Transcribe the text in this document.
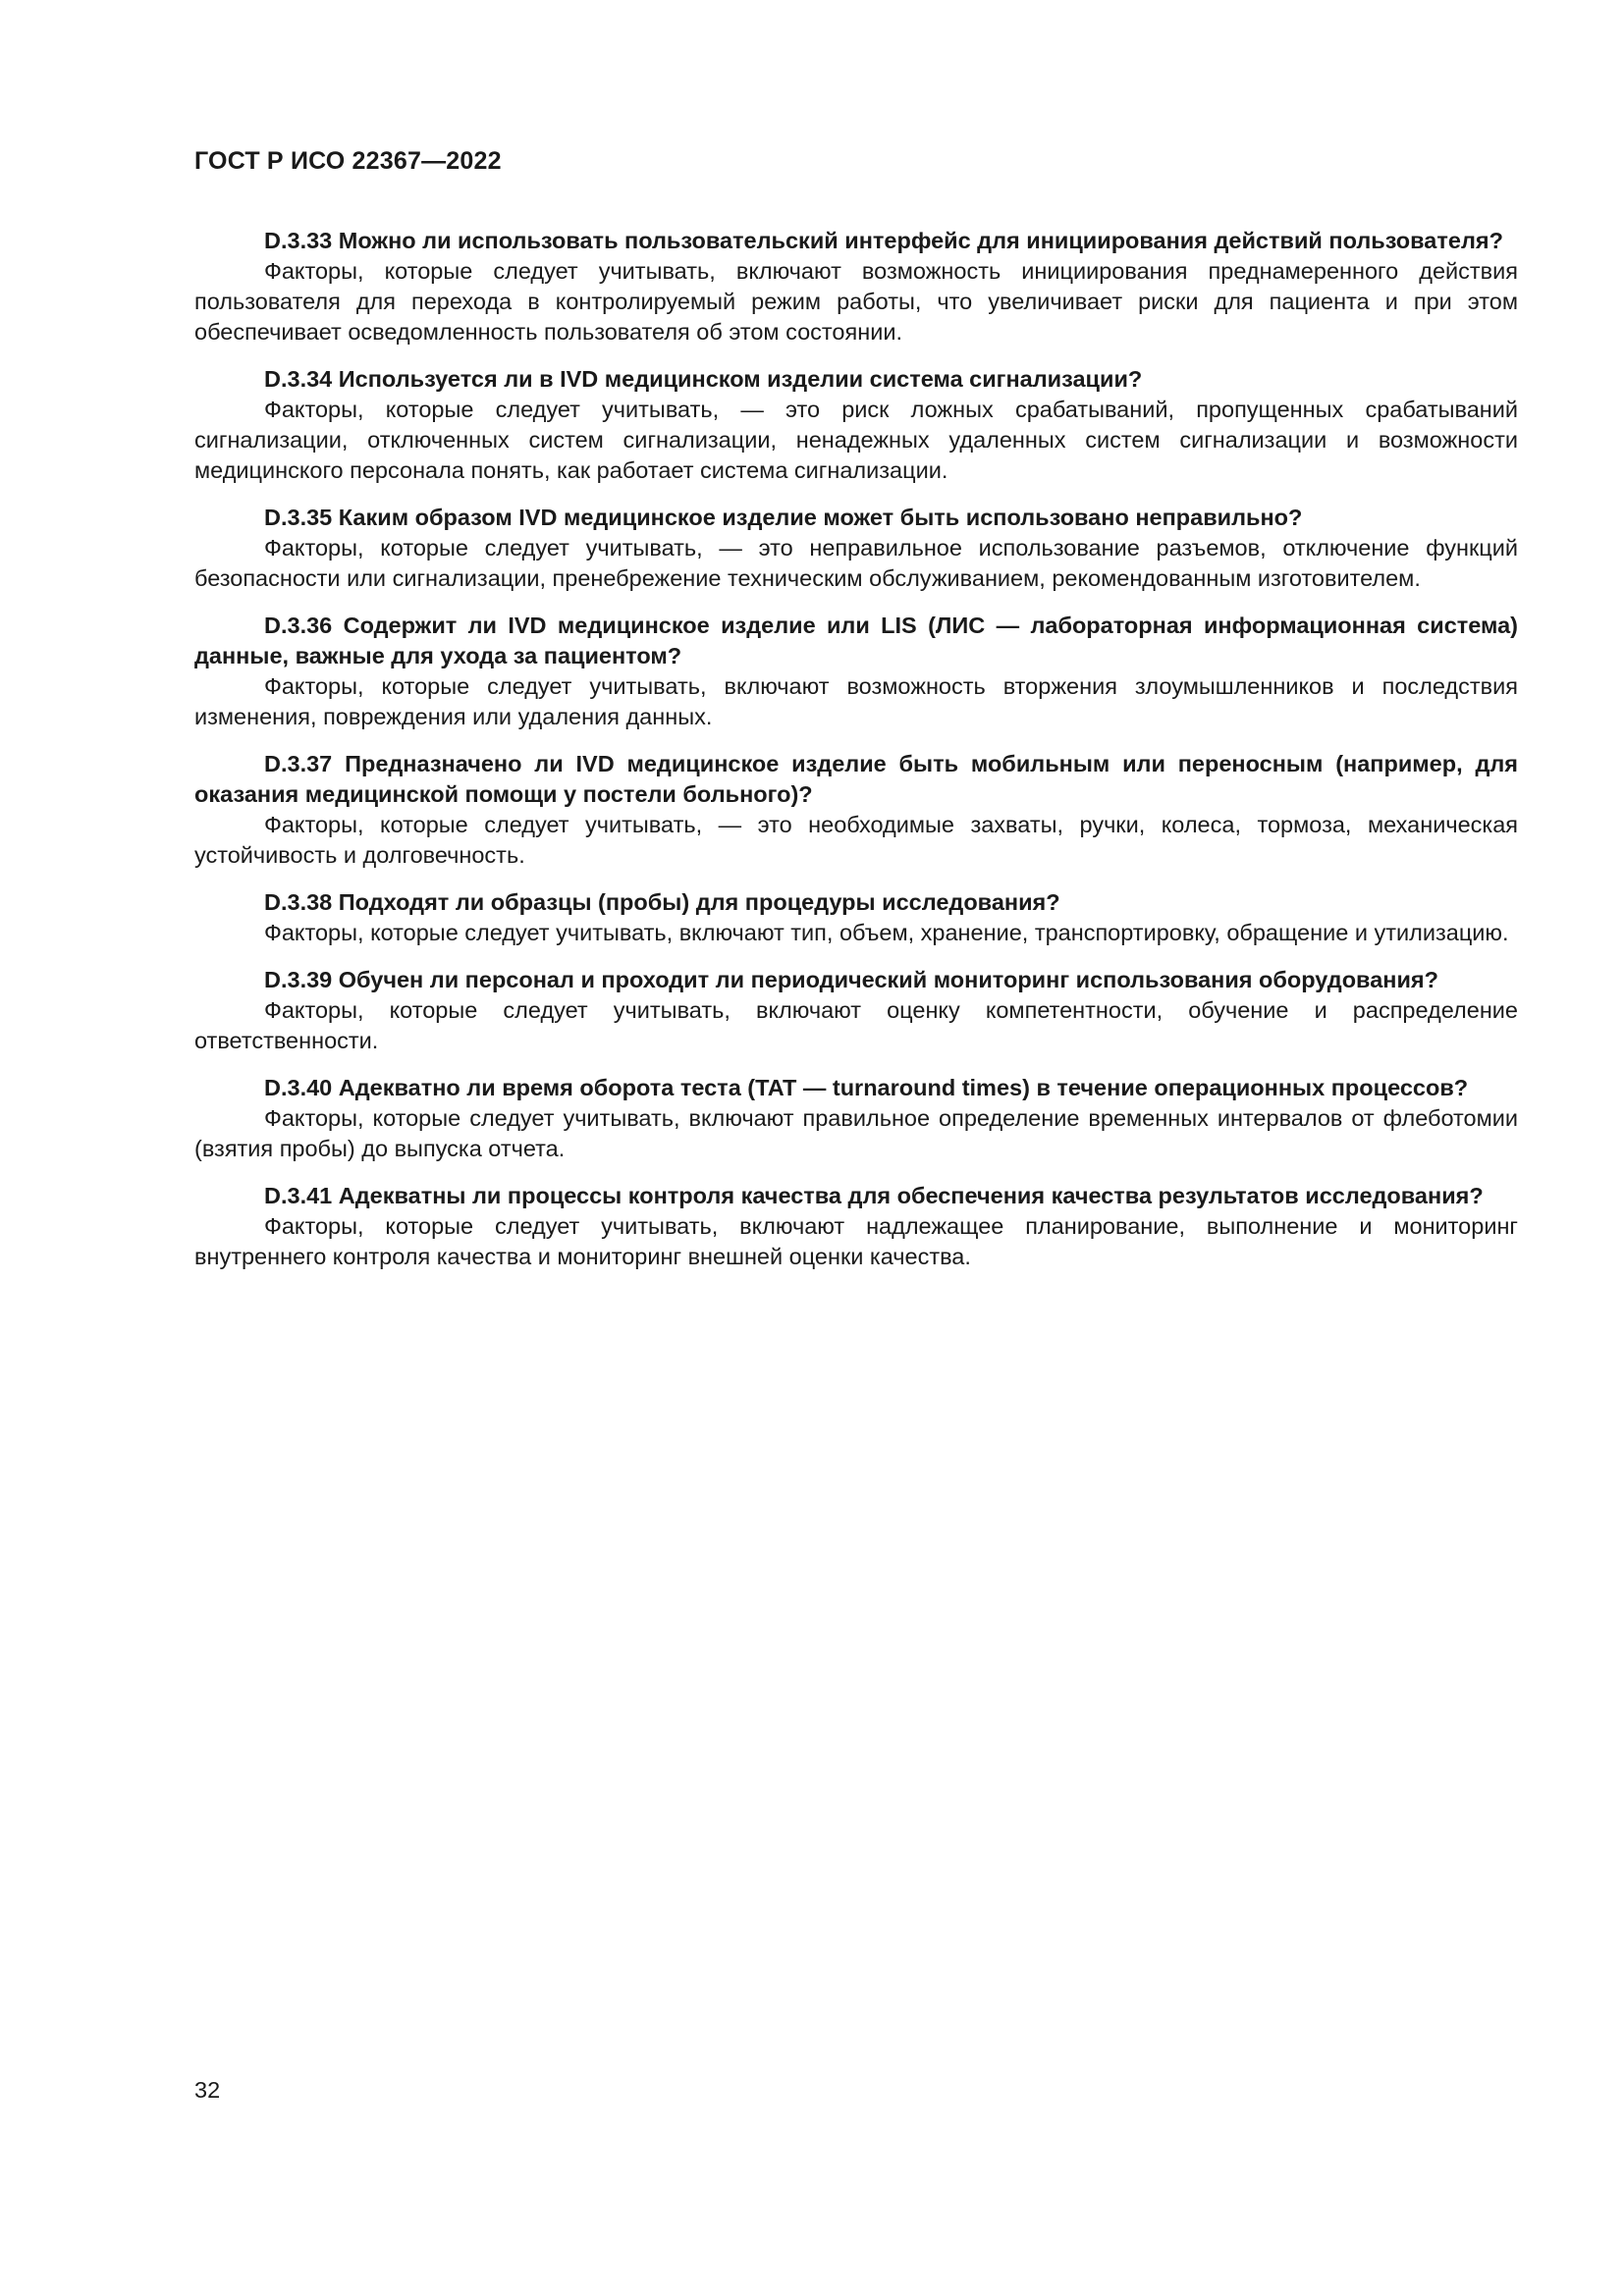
ГОСТ Р ИСО 22367—2022

D.3.33 Можно ли использовать пользовательский интерфейс для инициирования действий пользователя?

Факторы, которые следует учитывать, включают возможность инициирования преднамеренного действия пользователя для перехода в контролируемый режим работы, что увеличивает риски для пациента и при этом обеспечивает осведомленность пользователя об этом состоянии.

D.3.34 Используется ли в IVD медицинском изделии система сигнализации?

Факторы, которые следует учитывать, — это риск ложных срабатываний, пропущенных срабатываний сигнализации, отключенных систем сигнализации, ненадежных удаленных систем сигнализации и возможности медицинского персонала понять, как работает система сигнализации.

D.3.35 Каким образом IVD медицинское изделие может быть использовано неправильно?

Факторы, которые следует учитывать, — это неправильное использование разъемов, отключение функций безопасности или сигнализации, пренебрежение техническим обслуживанием, рекомендованным изготовителем.

D.3.36 Содержит ли IVD медицинское изделие или LIS (ЛИС — лабораторная информационная система) данные, важные для ухода за пациентом?

Факторы, которые следует учитывать, включают возможность вторжения злоумышленников и последствия изменения, повреждения или удаления данных.

D.3.37 Предназначено ли IVD медицинское изделие быть мобильным или переносным (например, для оказания медицинской помощи у постели больного)?

Факторы, которые следует учитывать, — это необходимые захваты, ручки, колеса, тормоза, механическая устойчивость и долговечность.

D.3.38 Подходят ли образцы (пробы) для процедуры исследования?

Факторы, которые следует учитывать, включают тип, объем, хранение, транспортировку, обращение и утилизацию.

D.3.39 Обучен ли персонал и проходит ли периодический мониторинг использования оборудования?

Факторы, которые следует учитывать, включают оценку компетентности, обучение и распределение ответственности.

D.3.40 Адекватно ли время оборота теста (TAT — turnaround times) в течение операционных процессов?

Факторы, которые следует учитывать, включают правильное определение временных интервалов от флеботомии (взятия пробы) до выпуска отчета.

D.3.41 Адекватны ли процессы контроля качества для обеспечения качества результатов исследования?

Факторы, которые следует учитывать, включают надлежащее планирование, выполнение и мониторинг внутреннего контроля качества и мониторинг внешней оценки качества.

32
